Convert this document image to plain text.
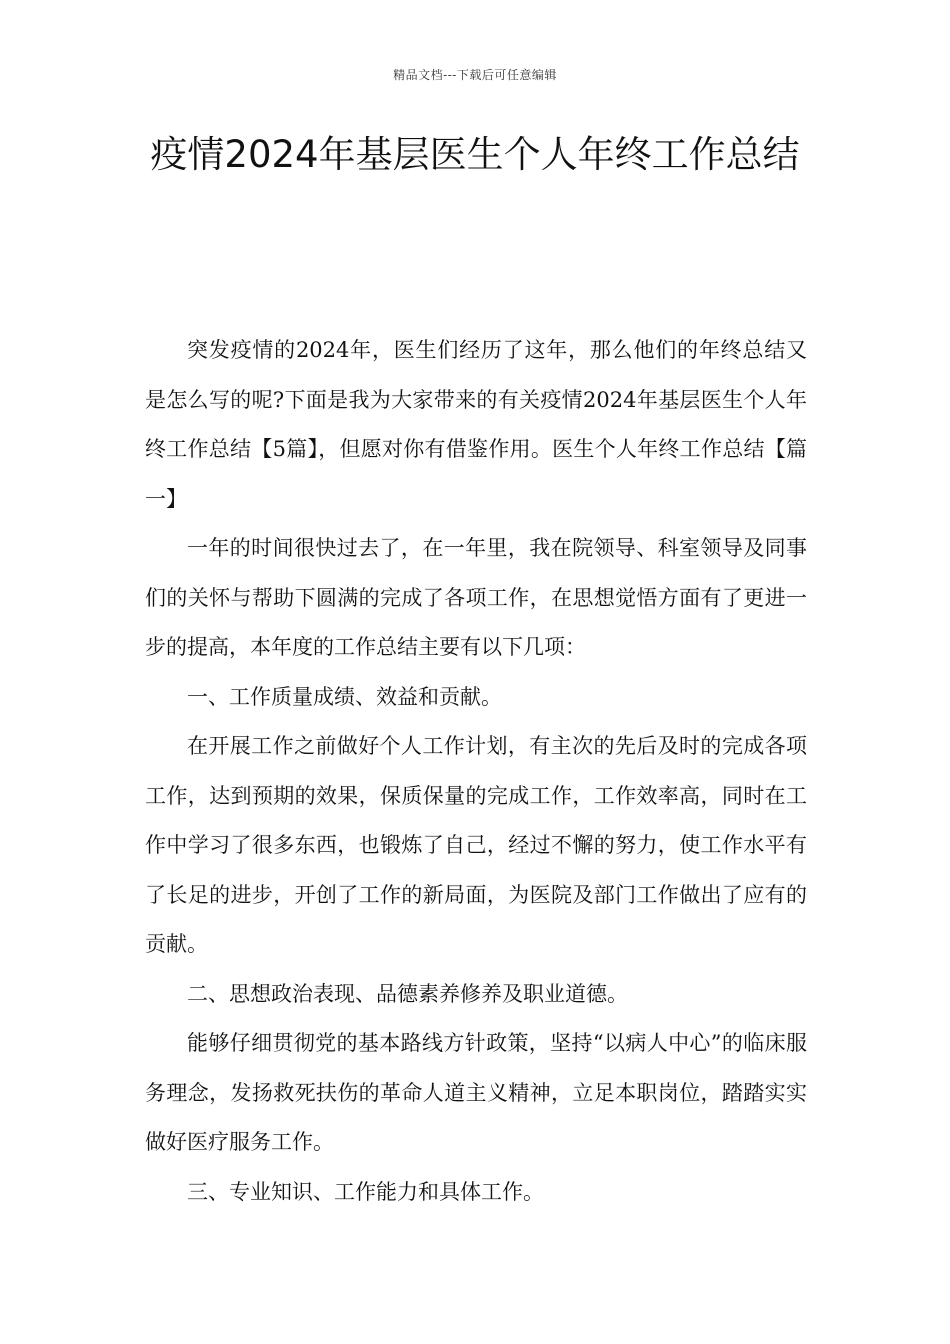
精品文档---下载后可任意编辑
疫情2024年基层医生个人年终工作总结

突发疫情的2024年，医生们经历了这年，那么他们的年终总结又是怎么写的呢?下面是我为大家带来的有关疫情2024年基层医生个人年终工作总结【5篇】，但愿对你有借鉴作用。医生个人年终工作总结【篇一】

一年的时间很快过去了，在一年里，我在院领导、科室领导及同事们的关怀与帮助下圆满的完成了各项工作，在思想觉悟方面有了更进一步的提高，本年度的工作总结主要有以下几项：

一、工作质量成绩、效益和贡献。

在开展工作之前做好个人工作计划，有主次的先后及时的完成各项工作，达到预期的效果，保质保量的完成工作，工作效率高，同时在工作中学习了很多东西，也锻炼了自己，经过不懈的努力，使工作水平有了长足的进步，开创了工作的新局面，为医院及部门工作做出了应有的贡献。

二、思想政治表现、品德素养修养及职业道德。

能够仔细贯彻党的基本路线方针政策，坚持“以病人中心”的临床服务理念，发扬救死扶伤的革命人道主义精神，立足本职岗位，踏踏实实做好医疗服务工作。

三、专业知识、工作能力和具体工作。
